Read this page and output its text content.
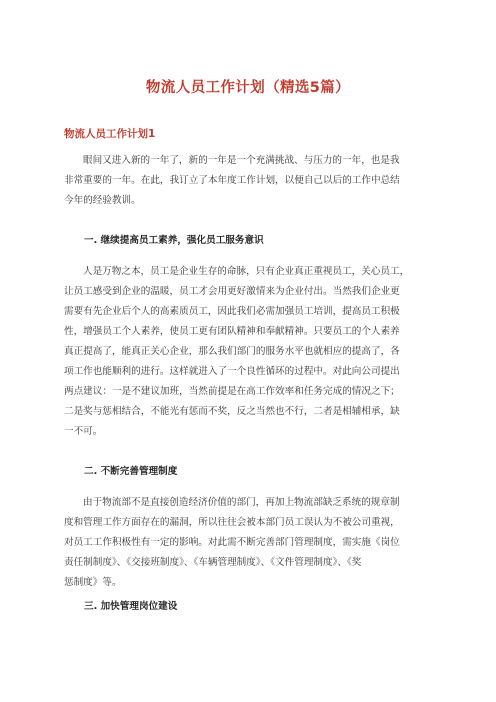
物流人员工作计划（精选5篇）
物流人员工作计划1

眼间又进入新的一年了，新的一年是一个充满挑战、与压力的一年，也是我
非常重要的一年。在此，我订立了本年度工作计划，以便自己以后的工作中总结
今年的经验教训。

一. 继续提高员工素养，强化员工服务意识

人是万物之本，员工是企业生存的命脉，只有企业真正重视员工，关心员工，
让员工感受到企业的温暖，员工才会用更好激情来为企业付出。当然我们企业更
需要有先企业后个人的高素质员工，因此我们必需加强员工培训，提高员工积极
性，增强员工个人素养，使员工更有团队精神和奉献精神。只要员工的个人素养
真正提高了，能真正关心企业，那么我们部门的服务水平也就相应的提高了，各
项工作也能顺利的进行。这样就进入了一个良性循环的过程中。对此向公司提出
两点建议：一是不建议加班，当然前提是在高工作效率和任务完成的情况之下；
二是奖与惩相结合，不能光有惩而不奖，反之当然也不行，二者是相辅相承，缺
一不可。

二. 不断完善管理制度

由于物流部不是直接创造经济价值的部门，再加上物流部缺乏系统的规章制
度和管理工作方面存在的漏洞，所以往往会被本部门员工误认为不被公司重视，
对员工工作积极性有一定的影响。对此需不断完善部门管理制度，需实施《岗位
责任制制度》、《交接班制度》、《车辆管理制度》、《文件管理制度》、《奖
惩制度》等。

三. 加快管理岗位建设
